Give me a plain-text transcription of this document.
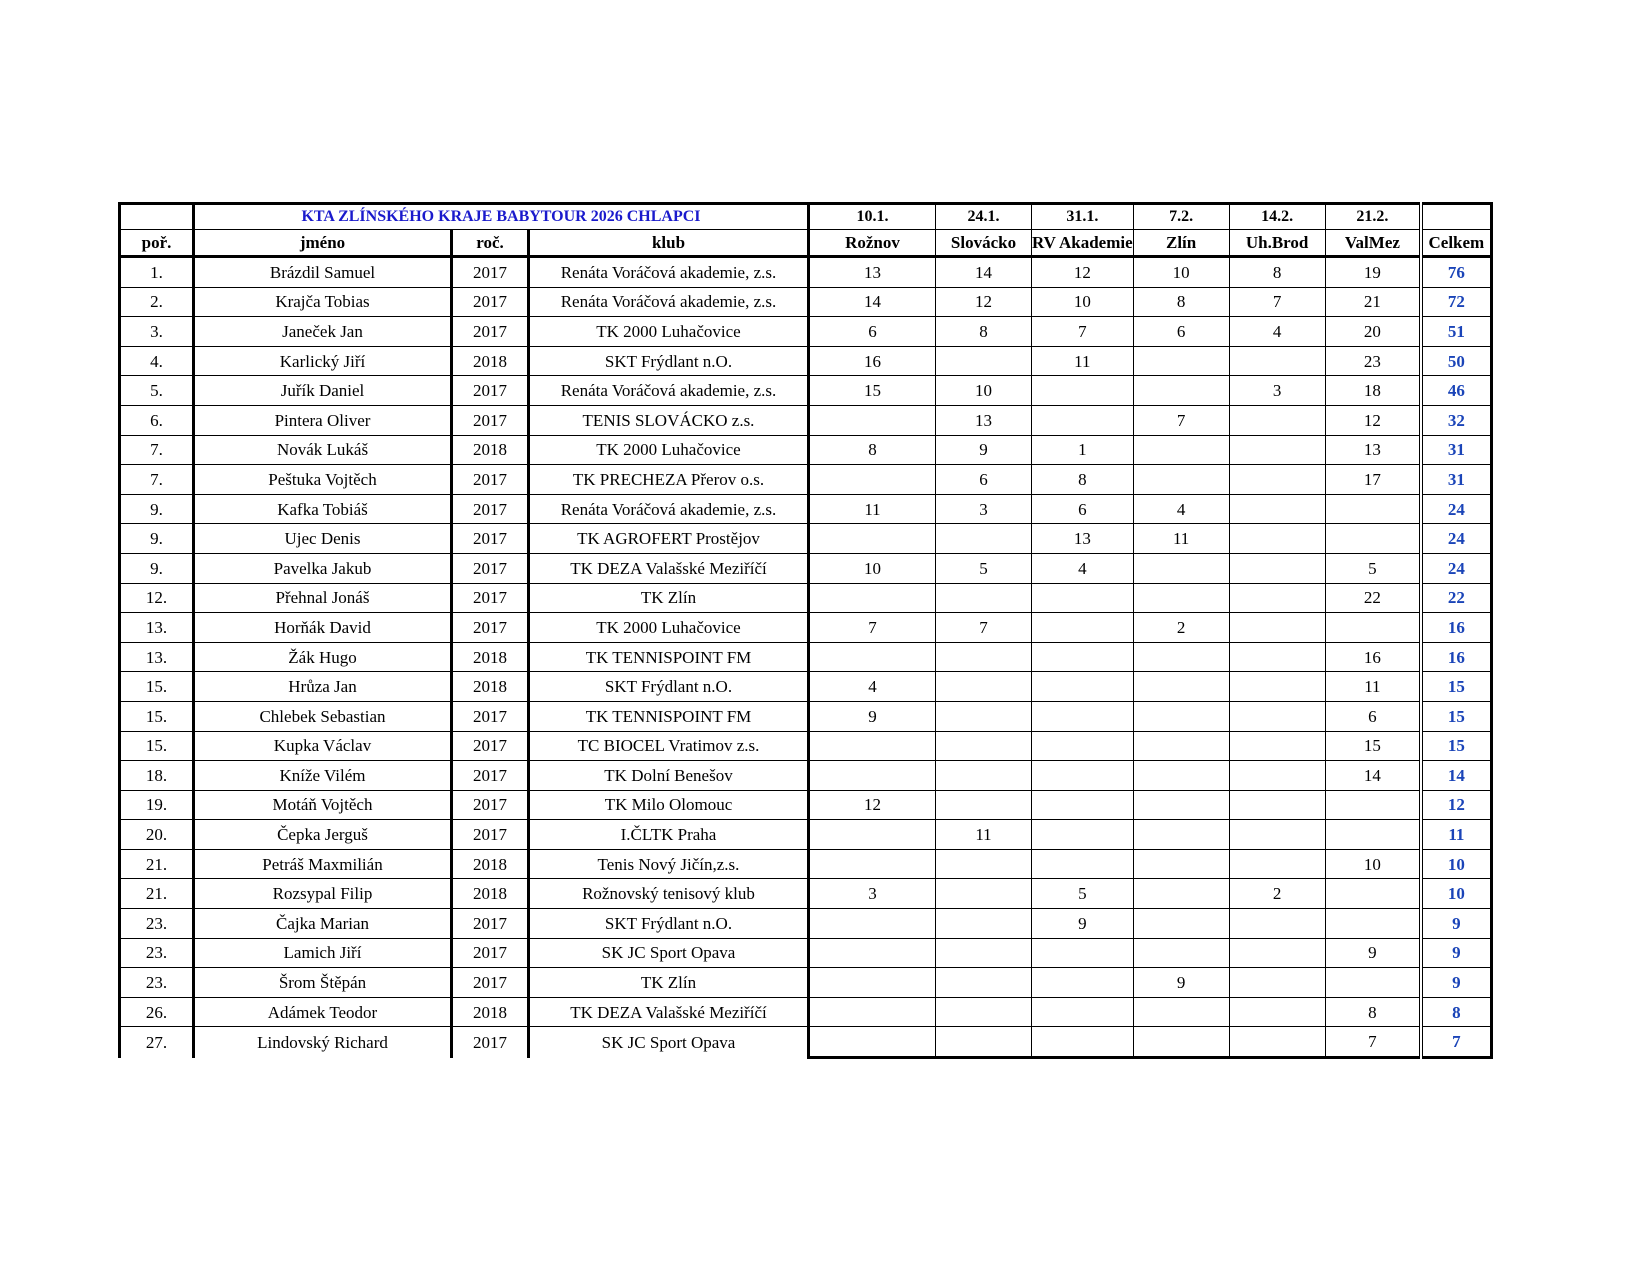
	KTA ZLÍNSKÉHO KRAJE BABYTOUR 2026 CHLAPCI			10.1.	24.1.	31.1.	7.2.	14.2.	21.2.	
poř.	jméno	roč.	klub	Rožnov	Slovácko	RV Akademie	Zlín	Uh.Brod	ValMez	Celkem
1.	Brázdil Samuel	2017	Renáta Voráčová akademie, z.s.	13	14	12	10	8	19	76
2.	Krajča Tobias	2017	Renáta Voráčová akademie, z.s.	14	12	10	8	7	21	72
3.	Janeček Jan	2017	TK 2000 Luhačovice	6	8	7	6	4	20	51
4.	Karlický Jiří	2018	SKT Frýdlant n.O.	16		11			23	50
5.	Juřík Daniel	2017	Renáta Voráčová akademie, z.s.	15	10			3	18	46
6.	Pintera Oliver	2017	TENIS SLOVÁCKO z.s.		13		7		12	32
7.	Novák Lukáš	2018	TK 2000 Luhačovice	8	9	1			13	31
7.	Peštuka Vojtěch	2017	TK PRECHEZA Přerov o.s.		6	8			17	31
9.	Kafka Tobiáš	2017	Renáta Voráčová akademie, z.s.	11	3	6	4			24
9.	Ujec Denis	2017	TK AGROFERT Prostějov			13	11			24
9.	Pavelka Jakub	2017	TK DEZA Valašské Meziříčí	10	5	4			5	24
12.	Přehnal Jonáš	2017	TK Zlín						22	22
13.	Horňák David	2017	TK 2000 Luhačovice	7	7		2			16
13.	Žák Hugo	2018	TK TENNISPOINT FM						16	16
15.	Hrůza Jan	2018	SKT Frýdlant n.O.	4					11	15
15.	Chlebek Sebastian	2017	TK TENNISPOINT FM	9					6	15
15.	Kupka Václav	2017	TC BIOCEL Vratimov z.s.						15	15
18.	Kníže Vilém	2017	TK Dolní Benešov						14	14
19.	Motáň Vojtěch	2017	TK Milo Olomouc	12						12
20.	Čepka Jerguš	2017	I.ČLTK Praha		11					11
21.	Petráš Maxmilián	2018	Tenis Nový Jičín,z.s.						10	10
21.	Rozsypal Filip	2018	Rožnovský tenisový klub	3		5		2		10
23.	Čajka Marian	2017	SKT Frýdlant n.O.			9				9
23.	Lamich Jiří	2017	SK JC Sport Opava						9	9
23.	Šrom Štěpán	2017	TK Zlín				9			9
26.	Adámek Teodor	2018	TK DEZA Valašské Meziříčí						8	8
27.	Lindovský Richard	2017	SK JC Sport Opava						7	7
